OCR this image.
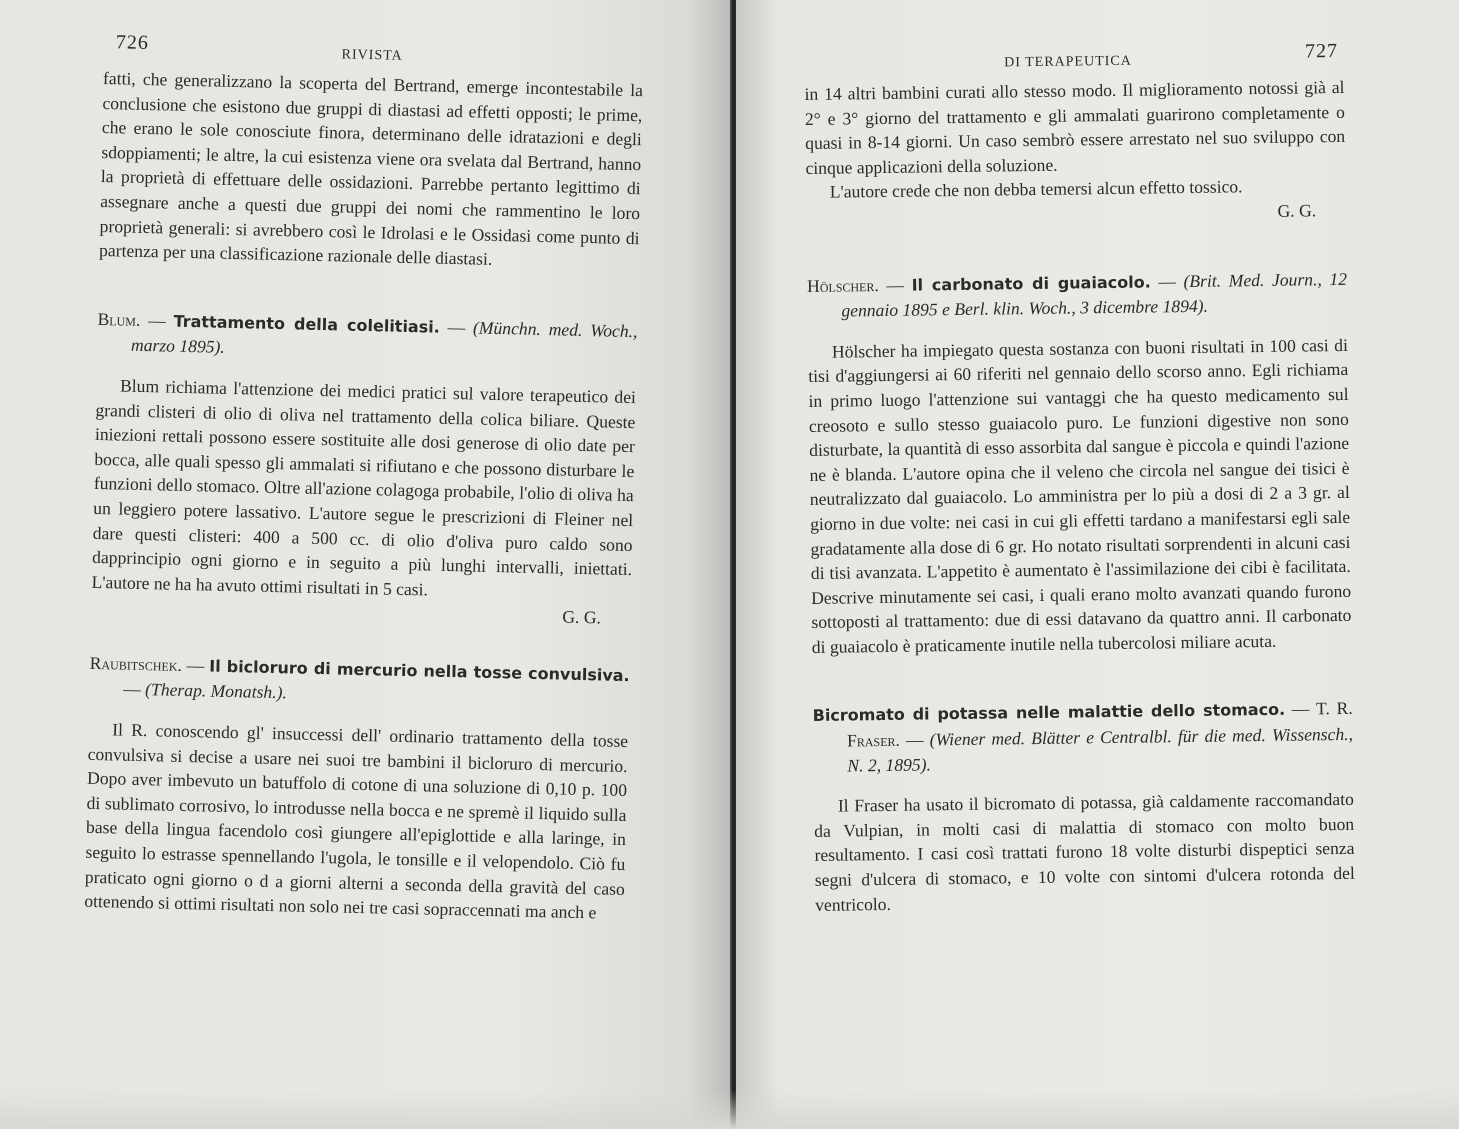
726
RIVISTA

fatti, che generalizzano la scoperta del Bertrand, emerge incontestabile la conclusione che esistono due gruppi di diastasi ad effetti opposti; le prime, che erano le sole conosciute finora, determinano delle idratazioni e degli sdoppiamenti; le altre, la cui esistenza viene ora svelata dal Bertrand, hanno la proprietà di effettuare delle ossidazioni. Parrebbe pertanto legittimo di assegnare anche a questi due gruppi dei nomi che rammentino le loro proprietà generali: si avrebbero così le Idrolasi e le Ossidasi come punto di partenza per una classificazione razionale delle diastasi.

Blum. — Trattamento della colelitiasi. — (Münchn. med. Woch., marzo 1895).

Blum richiama l'attenzione dei medici pratici sul valore terapeutico dei grandi clisteri di olio di oliva nel trattamento della colica biliare. Queste iniezioni rettali possono essere sostituite alle dosi generose di olio date per bocca, alle quali spesso gli ammalati si rifiutano e che possono disturbare le funzioni dello stomaco. Oltre all'azione colagoga probabile, l'olio di oliva ha un leggiero potere lassativo. L'autore segue le prescrizioni di Fleiner nel dare questi clisteri: 400 a 500 cc. di olio d'oliva puro caldo sono dapprincipio ogni giorno e in seguito a più lunghi intervalli, iniettati. L'autore ne ha ha avuto ottimi risultati in 5 casi.

G. G.

Raubitschek. — Il bicloruro di mercurio nella tosse convulsiva. — (Therap. Monatsh.).

Il R. conoscendo gl' insuccessi dell' ordinario trattamento della tosse convulsiva si decise a usare nei suoi tre bambini il bicloruro di mercurio. Dopo aver imbevuto un batuffolo di cotone di una soluzione di 0,10 p. 100 di sublimato corrosivo, lo introdusse nella bocca e ne spremè il liquido sulla base della lingua facendolo così giungere all'epiglottide e alla laringe, in seguito lo estrasse spennellando l'ugola, le tonsille e il velopendolo. Ciò fu praticato ogni giorno o d a giorni alterni a seconda della gravità del caso ottenendo si ottimi risultati non solo nei tre casi sopraccennati ma anch e

DI TERAPEUTICA	727

in 14 altri bambini curati allo stesso modo. Il miglioramento notossi già al 2° e 3° giorno del trattamento e gli ammalati guarirono completamente o quasi in 8-14 giorni. Un caso sembrò essere arrestato nel suo sviluppo con cinque applicazioni della soluzione.

L'autore crede che non debba temersi alcun effetto tossico.

G. G.

Hölscher. — Il carbonato di guaiacolo. — (Brit. Med. Journ., 12 gennaio 1895 e Berl. klin. Woch., 3 dicembre 1894).

Hölscher ha impiegato questa sostanza con buoni risultati in 100 casi di tisi d'aggiungersi ai 60 riferiti nel gennaio dello scorso anno. Egli richiama in primo luogo l'attenzione sui vantaggi che ha questo medicamento sul creosoto e sullo stesso guaiacolo puro. Le funzioni digestive non sono disturbate, la quantità di esso assorbita dal sangue è piccola e quindi l'azione ne è blanda. L'autore opina che il veleno che circola nel sangue dei tisici è neutralizzato dal guaiacolo. Lo amministra per lo più a dosi di 2 a 3 gr. al giorno in due volte: nei casi in cui gli effetti tardano a manifestarsi egli sale gradatamente alla dose di 6 gr. Ho notato risultati sorprendenti in alcuni casi di tisi avanzata. L'appetito è aumentato è l'assimilazione dei cibi è facilitata. Descrive minutamente sei casi, i quali erano molto avanzati quando furono sottoposti al trattamento: due di essi datavano da quattro anni. Il carbonato di guaiacolo è praticamente inutile nella tubercolosi miliare acuta.

Bicromato di potassa nelle malattie dello stomaco. — T. R. Fraser. — (Wiener med. Blätter e Centralbl. für die med. Wissensch., N. 2, 1895).

Il Fraser ha usato il bicromato di potassa, già caldamente raccomandato da Vulpian, in molti casi di malattia di stomaco con molto buon resultamento. I casi così trattati furono 18 volte disturbi dispeptici senza segni d'ulcera di stomaco, e 10 volte con sintomi d'ulcera rotonda del ventricolo.
